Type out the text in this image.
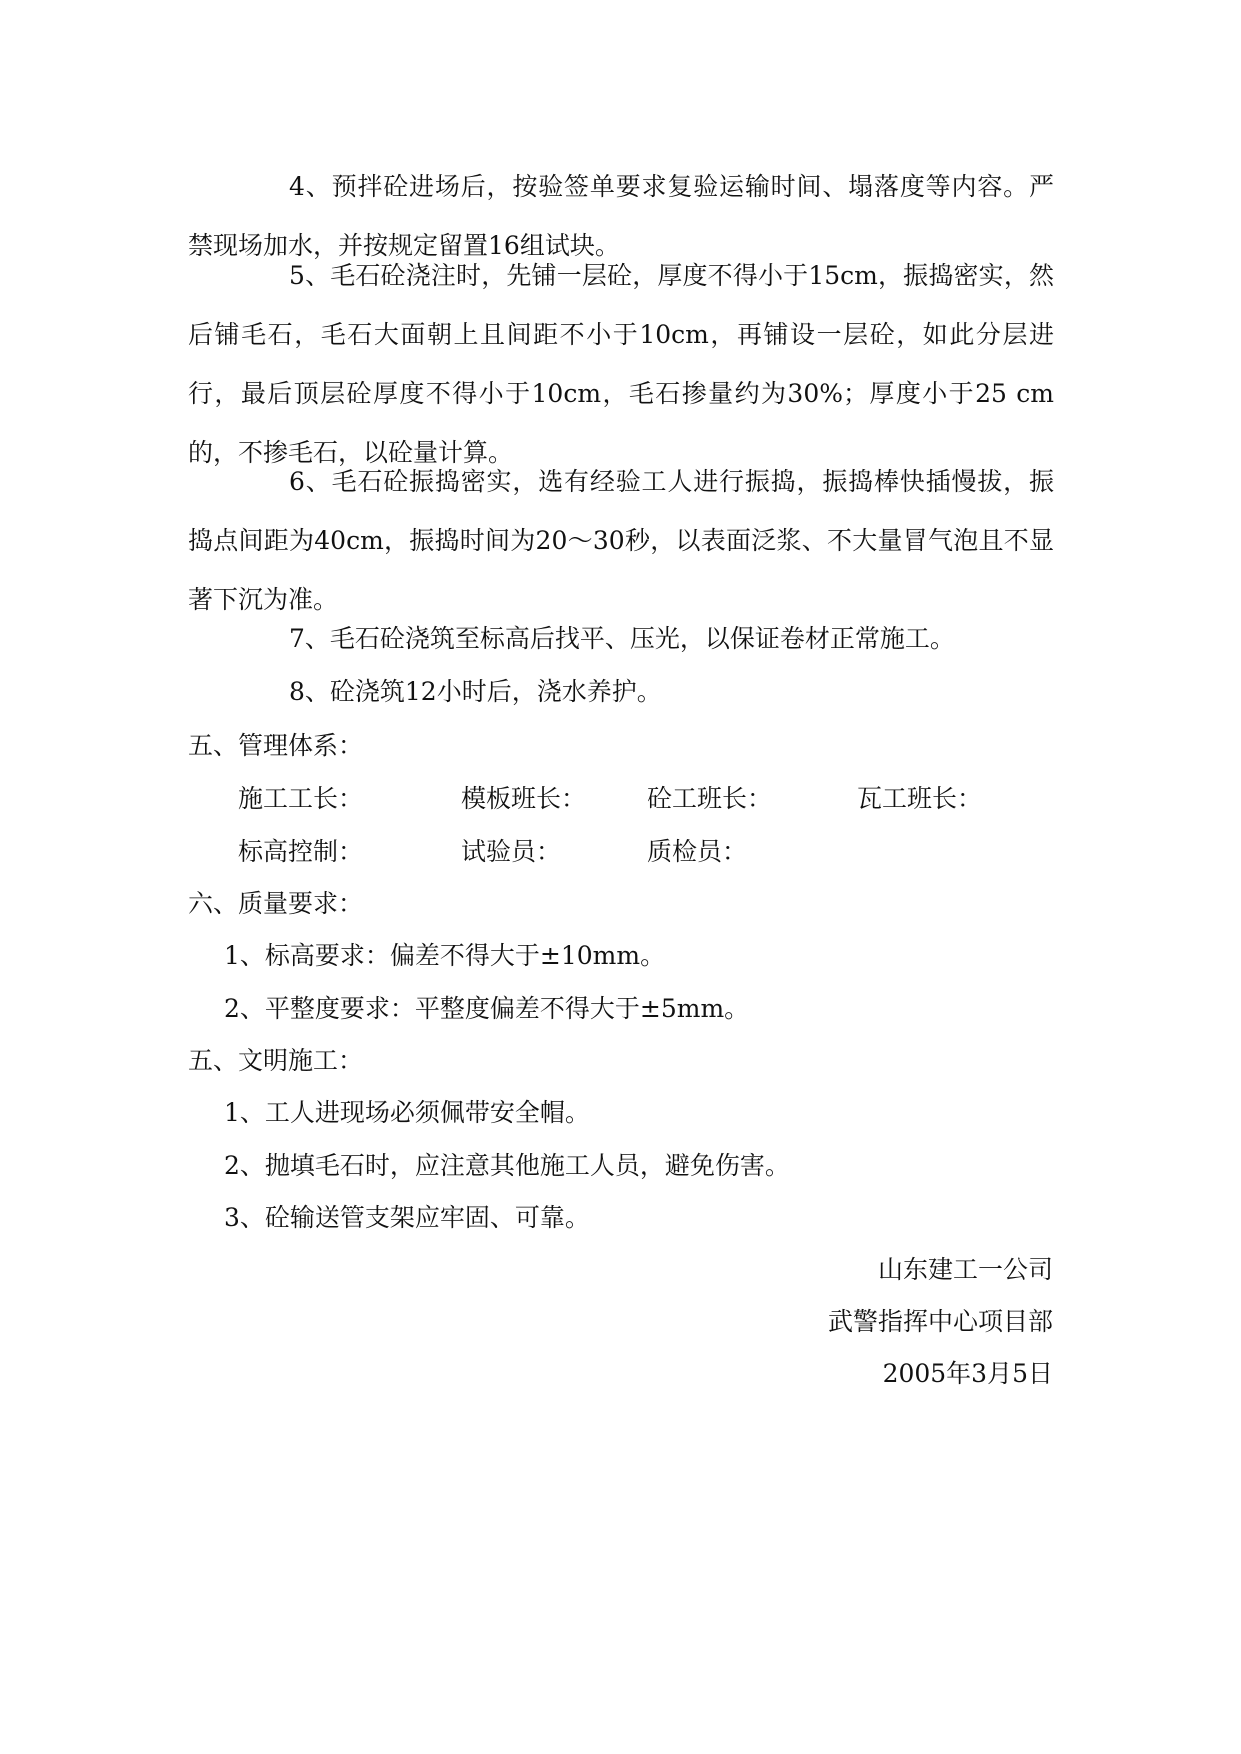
4、预拌砼进场后，按验签单要求复验运输时间、塌落度等内容。严禁现场加水，并按规定留置16组试块。

5、毛石砼浇注时，先铺一层砼，厚度不得小于15cm，振捣密实，然后铺毛石，毛石大面朝上且间距不小于10cm，再铺设一层砼，如此分层进行，最后顶层砼厚度不得小于10cm，毛石掺量约为30%；厚度小于25 cm的，不掺毛石，以砼量计算。

6、毛石砼振捣密实，选有经验工人进行振捣，振捣棒快插慢拔，振捣点间距为40cm，振捣时间为20～30秒，以表面泛浆、不大量冒气泡且不显著下沉为准。

7、毛石砼浇筑至标高后找平、压光，以保证卷材正常施工。

8、砼浇筑12小时后，浇水养护。

五、管理体系：
施工工长：	模板班长： 砼工班长：	瓦工班长：
标高控制：	试验员：	质检员：
六、质量要求：
1、标高要求：偏差不得大于±10mm。
2、平整度要求：平整度偏差不得大于±5mm。
五、文明施工：
1、工人进现场必须佩带安全帽。
2、抛填毛石时，应注意其他施工人员，避免伤害。
3、砼输送管支架应牢固、可靠。
山东建工一公司
武警指挥中心项目部
2005年3月5日
